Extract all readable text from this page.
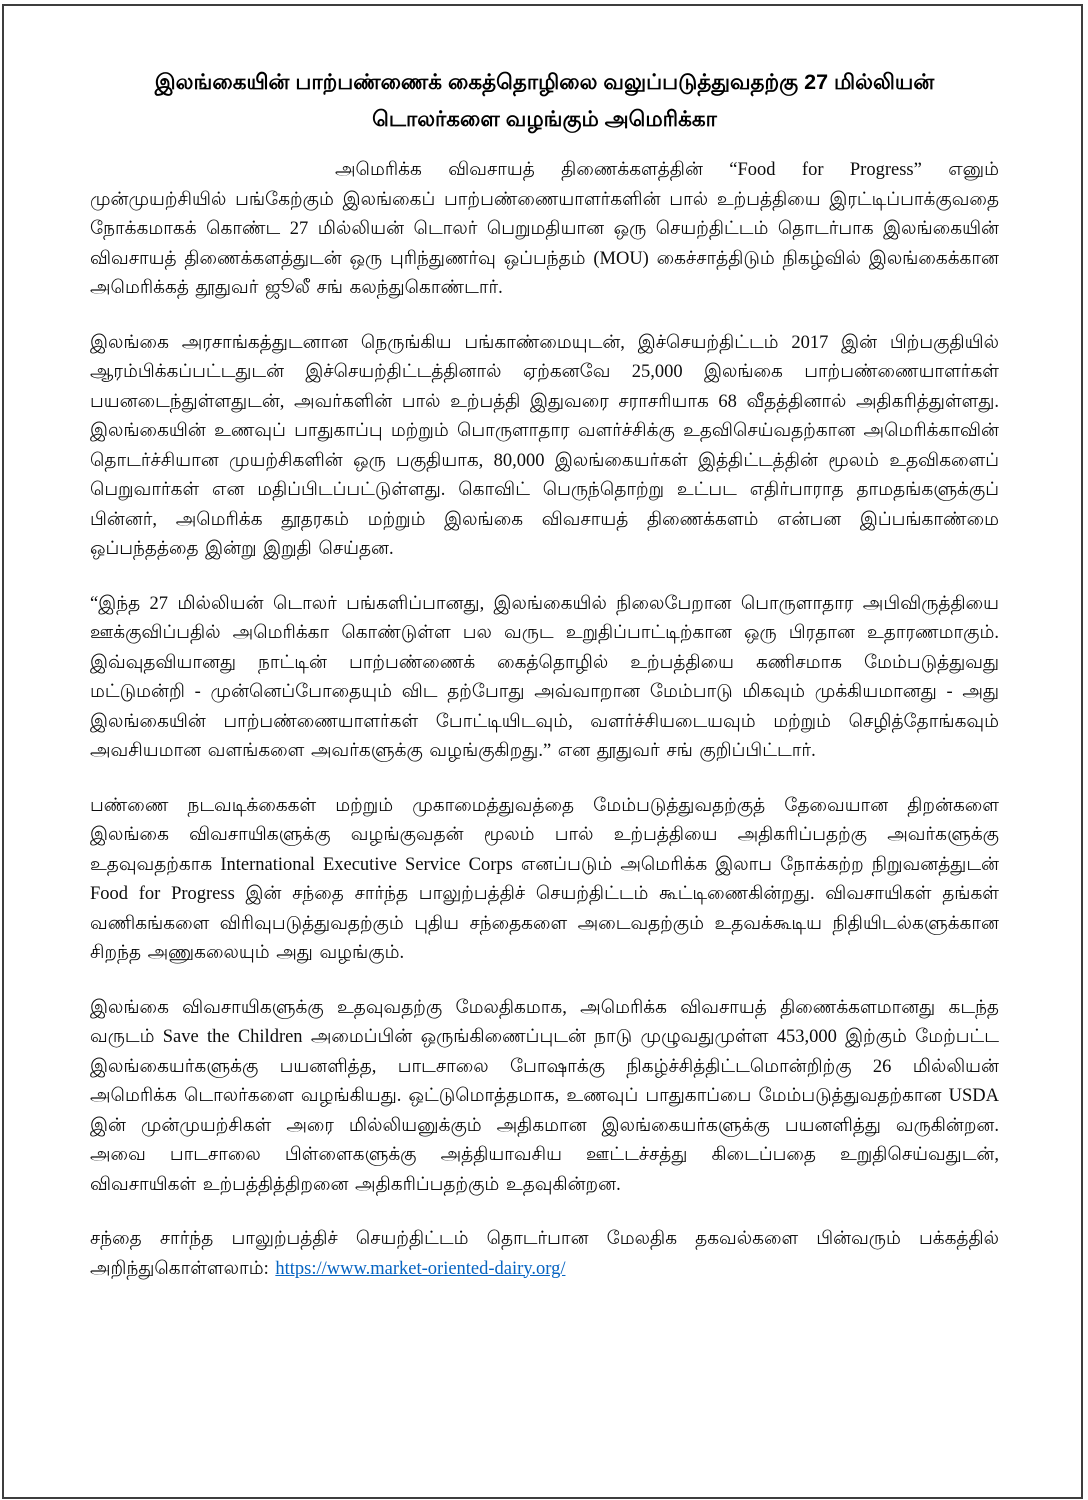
இலங்கையின் பாற்பண்ணைக் கைத்தொழிலை வலுப்படுத்துவதற்கு 27 மில்லியன் டொலர்களை வழங்கும் அமெரிக்கா

அமெரிக்க விவசாயத் திணைக்களத்தின் “Food for Progress” எனும் முன்முயற்சியில் பங்கேற்கும் இலங்கைப் பாற்பண்ணையாளர்களின் பால் உற்பத்தியை இரட்டிப்பாக்குவதை நோக்கமாகக் கொண்ட 27 மில்லியன் டொலர் பெறுமதியான ஒரு செயற்திட்டம் தொடர்பாக இலங்கையின் விவசாயத் திணைக்களத்துடன் ஒரு புரிந்துணர்வு ஒப்பந்தம் (MOU) கைச்சாத்திடும் நிகழ்வில் இலங்கைக்கான அமெரிக்கத் தூதுவர் ஜூலீ சங் கலந்துகொண்டார்.

இலங்கை அரசாங்கத்துடனான நெருங்கிய பங்காண்மையுடன், இச்செயற்திட்டம் 2017 இன் பிற்பகுதியில் ஆரம்பிக்கப்பட்டதுடன் இச்செயற்திட்டத்தினால் ஏற்கனவே 25,000 இலங்கை பாற்பண்ணையாளர்கள் பயனடைந்துள்ளதுடன், அவர்களின் பால் உற்பத்தி இதுவரை சராசரியாக 68 வீதத்தினால் அதிகரித்துள்ளது. இலங்கையின் உணவுப் பாதுகாப்பு மற்றும் பொருளாதார வளர்ச்சிக்கு உதவிசெய்வதற்கான அமெரிக்காவின் தொடர்ச்சியான முயற்சிகளின் ஒரு பகுதியாக, 80,000 இலங்கையர்கள் இத்திட்டத்தின் மூலம் உதவிகளைப் பெறுவார்கள் என மதிப்பிடப்பட்டுள்ளது. கொவிட் பெருந்தொற்று உட்பட எதிர்பாராத தாமதங்களுக்குப் பின்னர், அமெரிக்க தூதரகம் மற்றும் இலங்கை விவசாயத் திணைக்களம் என்பன இப்பங்காண்மை ஒப்பந்தத்தை இன்று இறுதி செய்தன.

“இந்த 27 மில்லியன் டொலர் பங்களிப்பானது, இலங்கையில் நிலைபேறான பொருளாதார அபிவிருத்தியை ஊக்குவிப்பதில் அமெரிக்கா கொண்டுள்ள பல வருட உறுதிப்பாட்டிற்கான ஒரு பிரதான உதாரணமாகும். இவ்வுதவியானது நாட்டின் பாற்பண்ணைக் கைத்தொழில் உற்பத்தியை கணிசமாக மேம்படுத்துவது மட்டுமன்றி - முன்னெப்போதையும் விட தற்போது அவ்வாறான மேம்பாடு மிகவும் முக்கியமானது - அது இலங்கையின் பாற்பண்ணையாளர்கள் போட்டியிடவும், வளர்ச்சியடையவும் மற்றும் செழித்தோங்கவும் அவசியமான வளங்களை அவர்களுக்கு வழங்குகிறது.” என தூதுவர் சங் குறிப்பிட்டார்.

பண்ணை நடவடிக்கைகள் மற்றும் முகாமைத்துவத்தை மேம்படுத்துவதற்குத் தேவையான திறன்களை இலங்கை விவசாயிகளுக்கு வழங்குவதன் மூலம் பால் உற்பத்தியை அதிகரிப்பதற்கு அவர்களுக்கு உதவுவதற்காக International Executive Service Corps எனப்படும் அமெரிக்க இலாப நோக்கற்ற நிறுவனத்துடன் Food for Progress இன் சந்தை சார்ந்த பாலுற்பத்திச் செயற்திட்டம் கூட்டிணைகின்றது. விவசாயிகள் தங்கள் வணிகங்களை விரிவுபடுத்துவதற்கும் புதிய சந்தைகளை அடைவதற்கும் உதவக்கூடிய நிதியிடல்களுக்கான சிறந்த அணுகலையும் அது வழங்கும்.

இலங்கை விவசாயிகளுக்கு உதவுவதற்கு மேலதிகமாக, அமெரிக்க விவசாயத் திணைக்களமானது கடந்த வருடம் Save the Children அமைப்பின் ஒருங்கிணைப்புடன் நாடு முழுவதுமுள்ள 453,000 இற்கும் மேற்பட்ட இலங்கையர்களுக்கு பயனளித்த, பாடசாலை போஷாக்கு நிகழ்ச்சித்திட்டமொன்றிற்கு 26 மில்லியன் அமெரிக்க டொலர்களை வழங்கியது. ஒட்டுமொத்தமாக, உணவுப் பாதுகாப்பை மேம்படுத்துவதற்கான USDA இன் முன்முயற்சிகள் அரை மில்லியனுக்கும் அதிகமான இலங்கையர்களுக்கு பயனளித்து வருகின்றன. அவை பாடசாலை பிள்ளைகளுக்கு அத்தியாவசிய ஊட்டச்சத்து கிடைப்பதை உறுதிசெய்வதுடன், விவசாயிகள் உற்பத்தித்திறனை அதிகரிப்பதற்கும் உதவுகின்றன.

சந்தை சார்ந்த பாலுற்பத்திச் செயற்திட்டம் தொடர்பான மேலதிக தகவல்களை பின்வரும் பக்கத்தில் அறிந்துகொள்ளலாம்: https://www.market-oriented-dairy.org/
